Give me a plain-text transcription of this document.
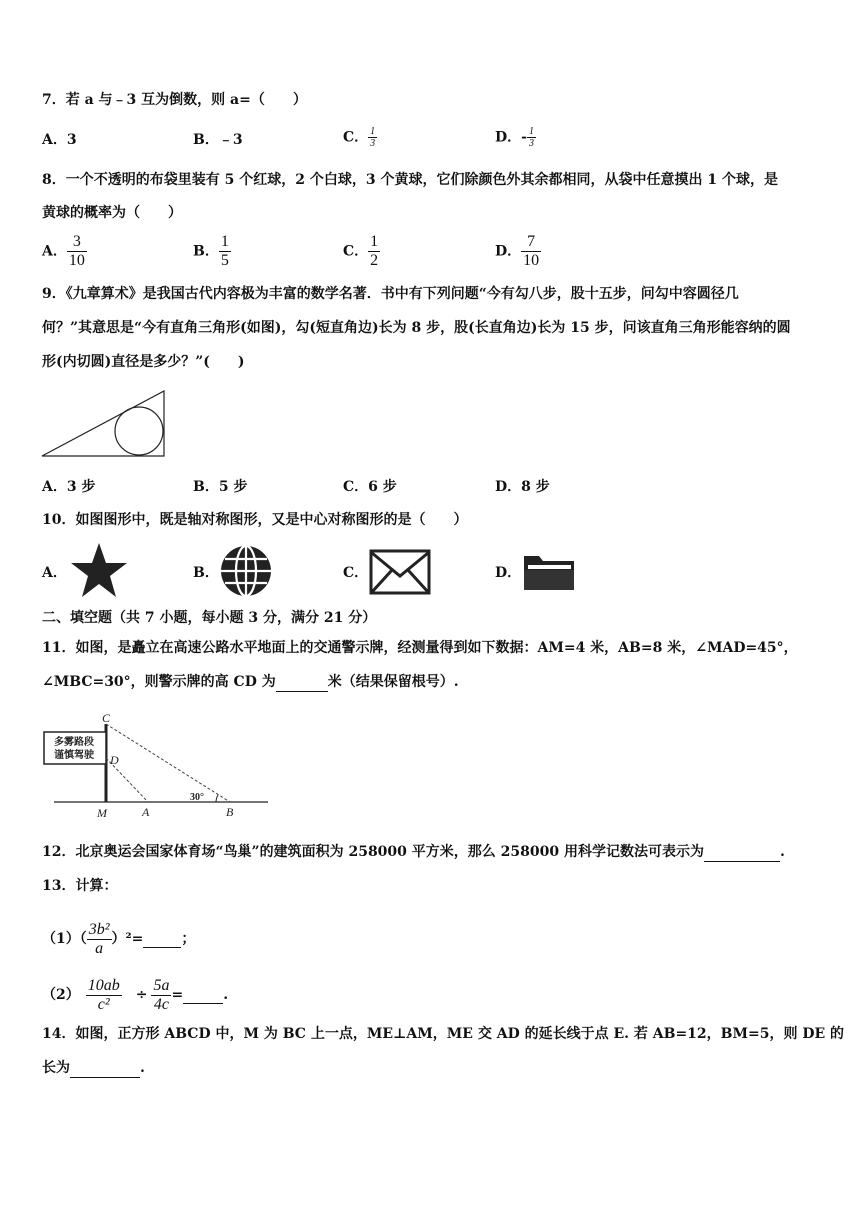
7．若 a 与﹣3 互为倒数，则 a=（　　）
A．3	B．﹣3	C． $\frac{1}{3}$	D．- $\frac{1}{3}$
8．一个不透明的布袋里装有 5 个红球，2 个白球，3 个黄球，它们除颜色外其余都相同，从袋中任意摸出 1 个球，是
黄球的概率为（　　）
A． $\frac{3}{10}$	B． $\frac{1}{5}$	C． $\frac{1}{2}$	D． $\frac{7}{10}$
9．《九章算术》是我国古代内容极为丰富的数学名著．书中有下列问题“今有勾八步，股十五步，问勾中容圆径几
何？”其意思是“今有直角三角形(如图)，勾(短直角边)长为 8 步，股(长直角边)长为 15 步，问该直角三角形能容纳的圆
形(内切圆)直径是多少？”(　　)
A．3 步	B．5 步	C．6 步	D．8 步
10．如图图形中，既是轴对称图形，又是中心对称图形的是（　　）
A．	B．	C．	D．
二、填空题（共 7 小题，每小题 3 分，满分 21 分）
11．如图，是矗立在高速公路水平地面上的交通警示牌，经测量得到如下数据：AM=4 米，AB=8 米，∠MAD=45°，
∠MBC=30°，则警示牌的高 CD 为	米（结果保留根号）.
多雾路段
谨慎驾驶
C
D
M	A	B
30°
12．北京奥运会国家体育场“鸟巢”的建筑面积为 258000 平方米，那么 258000 用科学记数法可表示为	.
13．计算：
$(1)( \frac{\text{3b²}}{a} )^2=$	；
$(2) \frac{10ab}{\text{c²}} \div \frac{5a}{4c}$ =	.
14．如图，正方形 ABCD 中，M 为 BC 上一点，ME⊥AM，ME 交 AD 的延长线于点 E. 若 AB=12，BM=5，则 DE 的
长为	.
